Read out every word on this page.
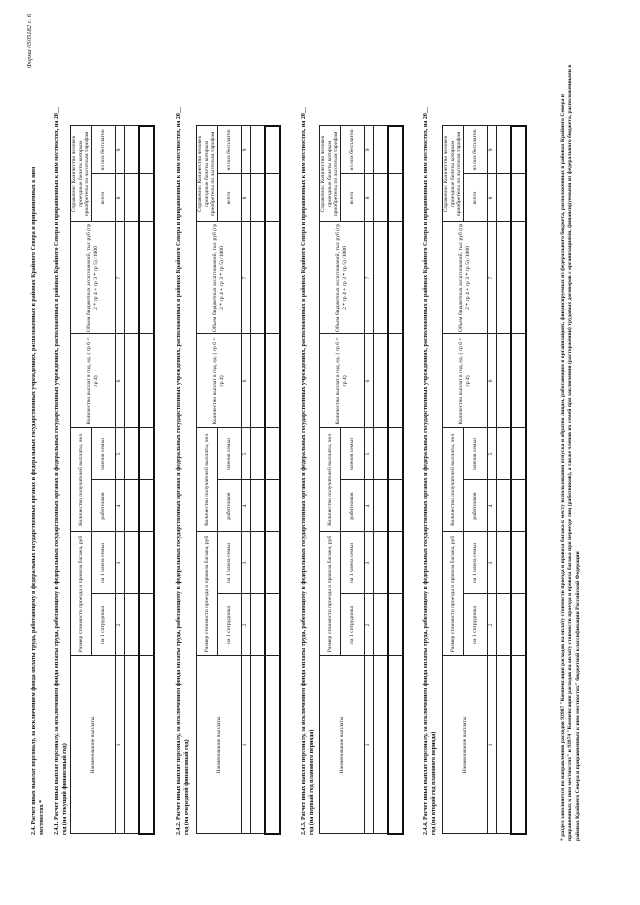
Форма 0505182 с. 6
2.4. Расчет иных выплат персоналу, за исключением фонда оплаты труда, работающему в федеральных государственных органах и федеральных государственных учреждениях, расположенных в районах Крайнего Севера и приравненных к ним местностях * 2.4.1. Расчет иных выплат персоналу, за исключением фонда оплаты труда, работающему в федеральных государственных органах и федеральных государственных учреждениях, расположенных в районах Крайнего Севера и приравненных к ним местностях, на 20__ год (на текущий финансовый год)	Наименование выплаты	Размер стоимости проезда и провоза багажа, руб		Количество получателей выплаты, чел		Количество выплат в год, ед. ( гр 6 = гр 4)	Объем бюджетных ассигнований, тыс руб (гр 2 * гр 4 + гр 3 * гр 5) /1000	Справочно: Количество человек проездные билеты которым приобретены по льготным тарифам	
	на 1 сотрудника	на 1 члена семьи	работников	членов семьи			всего	из них бесплатно
1	2	3	4	5	6	7	8	9

									2.4.2. Расчет иных выплат персоналу, за исключением фонда оплаты труда, работающему в федеральных государственных органах и федеральных государственных учреждениях, расположенных в районах Крайнего Севера и приравненных к ним местностях, на 20__ год (на очередной финансовый год)	Наименование выплаты	Размер стоимости проезда и провоза багажа, руб		Количество получателей выплаты, чел		Количество выплат в год, ед. ( гр 6 = гр 4)	Объем бюджетных ассигнований, тыс руб (гр 2 * гр 4 + гр 3 * гр 5) /1000	Справочно: Количество человек проездные билеты которым приобретены по льготным тарифам	
	на 1 сотрудника	на 1 члена семьи	работников	членов семьи			всего	из них бесплатно
1	2	3	4	5	6	7	8	9

									2.4.3. Расчет иных выплат персоналу, за исключением фонда оплаты труда, работающему в федеральных государственных органах и федеральных государственных учреждениях, расположенных в районах Крайнего Севера и приравненных к ним местностях, на 20__ год (на первый год планового периода)	Наименование выплаты	Размер стоимости проезда и провоза багажа, руб		Количество получателей выплаты, чел		Количество выплат в год, ед. ( гр 6 = гр 4)	Объем бюджетных ассигнований, тыс руб (гр 2 * гр 4 + гр 3 * гр 5) /1000	Справочно: Количество человек проездные билеты которым приобретены по льготным тарифам	
	на 1 сотрудника	на 1 члена семьи	работников	членов семьи			всего	из них бесплатно
1	2	3	4	5	6	7	8	9

									2.4.4. Расчет иных выплат персоналу, за исключением фонда оплаты труда, работающему в федеральных государственных органах и федеральных государственных учреждениях, расположенных в районах Крайнего Севера и приравненных к ним местностях, на 20__ год (на второй год планового периода)	Наименование выплаты	Размер стоимости проезда и провоза багажа, руб		Количество получателей выплаты, чел		Количество выплат в год, ед. ( гр 6 = гр 4)	Объем бюджетных ассигнований, тыс руб (гр 2 * гр 4 + гр 3 * гр 5) /1000	Справочно: Количество человек проездные билеты которым приобретены по льготным тарифам	
	на 1 сотрудника	на 1 члена семьи	работников	членов семьи			всего	из них бесплатно
1	2	3	4	5	6	7	8	9

									* раздел заполняется по направлению расходов 93987 "Компенсация расходов на оплату стоимости проезда и провоза багажа к месту использования отпуска и обратно лицам, работающим в организациях, финансируемых из федерального бюджета, расположенных в районах Крайнего Севера и приравненных к ним местностях" и 93974 "Компенсация расходов на оплату стоимости проезда и провоза багажа при переезде лиц (работников), а также членов их семей при заключении (расторжении) трудовых договоров с организациями, финансируемыми из федерального бюджета, расположенными в районах Крайнего Севера и приравненных к ним местностях" бюджетной классификации Российской Федерации
